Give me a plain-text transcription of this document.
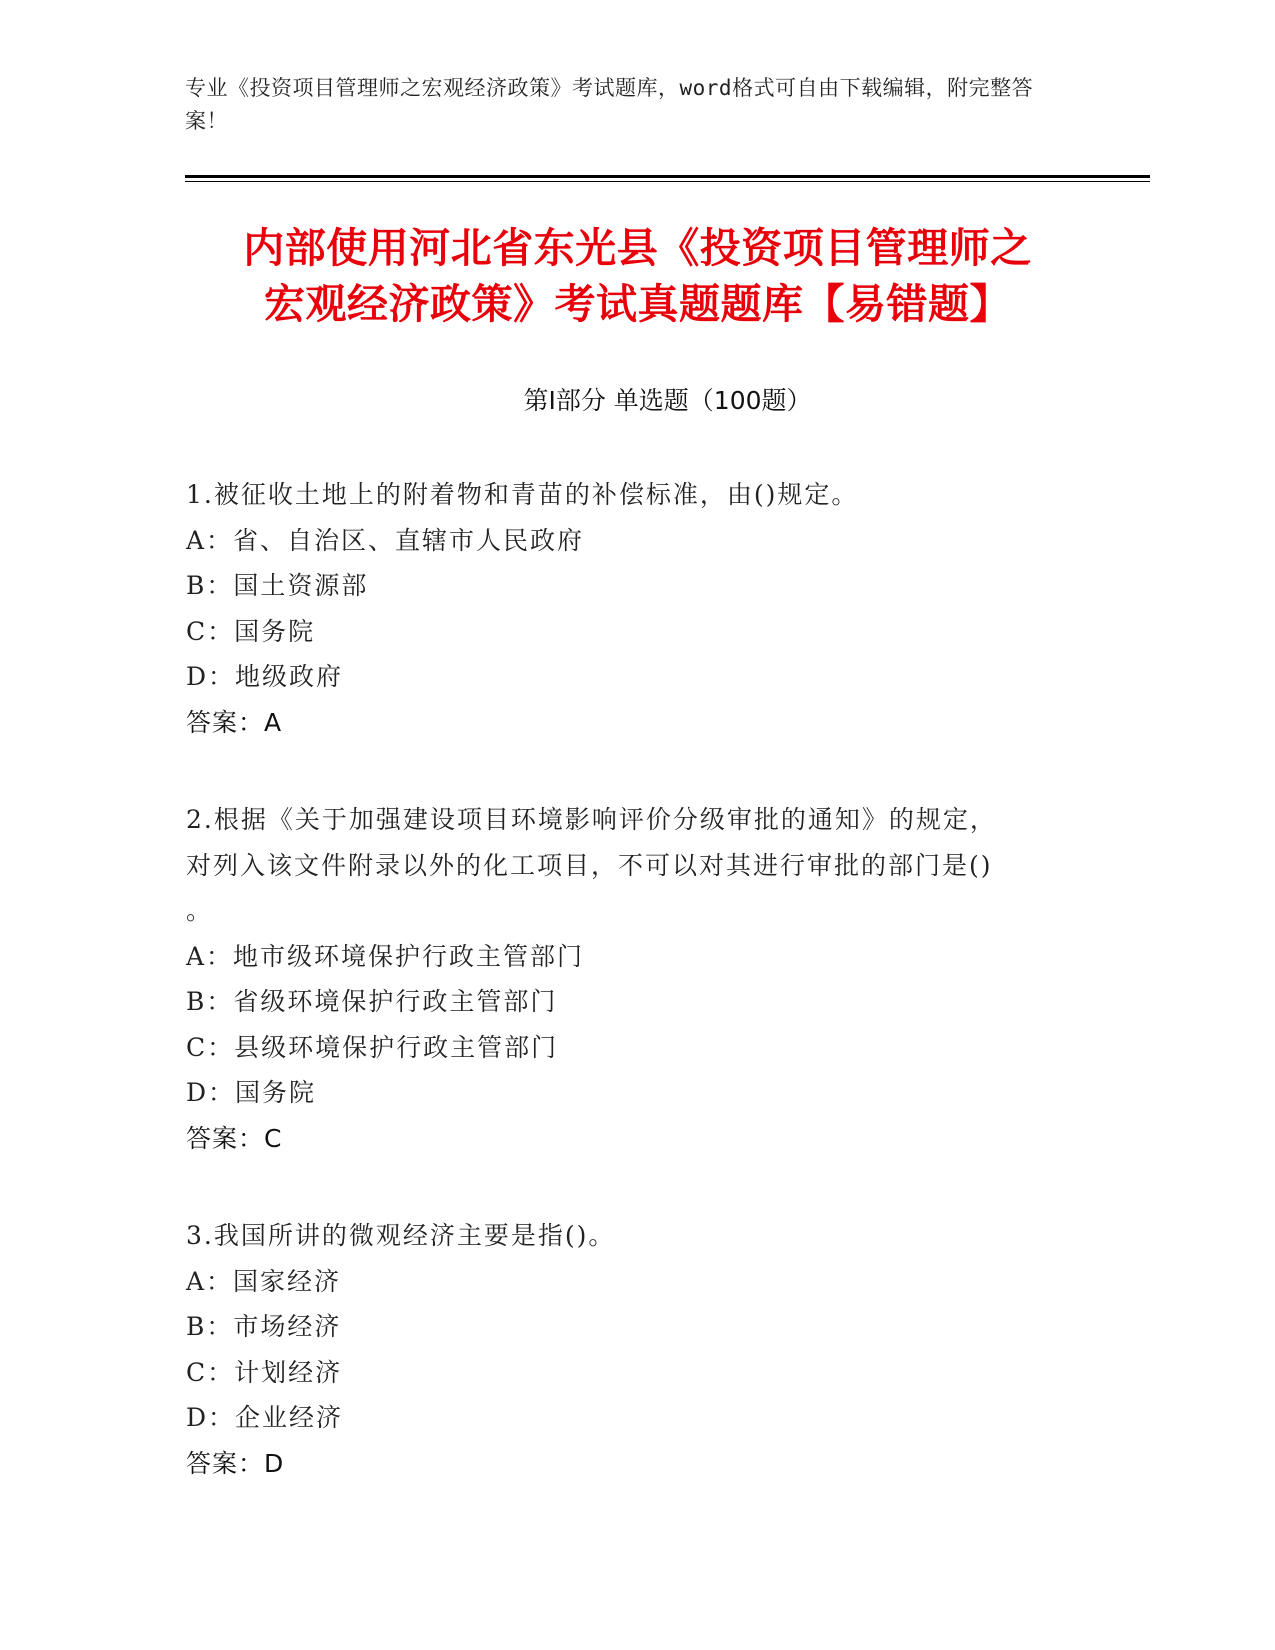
专业《投资项目管理师之宏观经济政策》考试题库，word格式可自由下载编辑，附完整答案！
内部使用河北省东光县《投资项目管理师之
宏观经济政策》考试真题题库【易错题】
第Ⅰ部分 单选题（100题）
1.被征收土地上的附着物和青苗的补偿标准，由()规定。
A：省、自治区、直辖市人民政府
B：国土资源部
C：国务院
D：地级政府
答案：A
2.根据《关于加强建设项目环境影响评价分级审批的通知》的规定，
对列入该文件附录以外的化工项目，不可以对其进行审批的部门是()
。
A：地市级环境保护行政主管部门
B：省级环境保护行政主管部门
C：县级环境保护行政主管部门
D：国务院
答案：C
3.我国所讲的微观经济主要是指()。
A：国家经济
B：市场经济
C：计划经济
D：企业经济
答案：D
